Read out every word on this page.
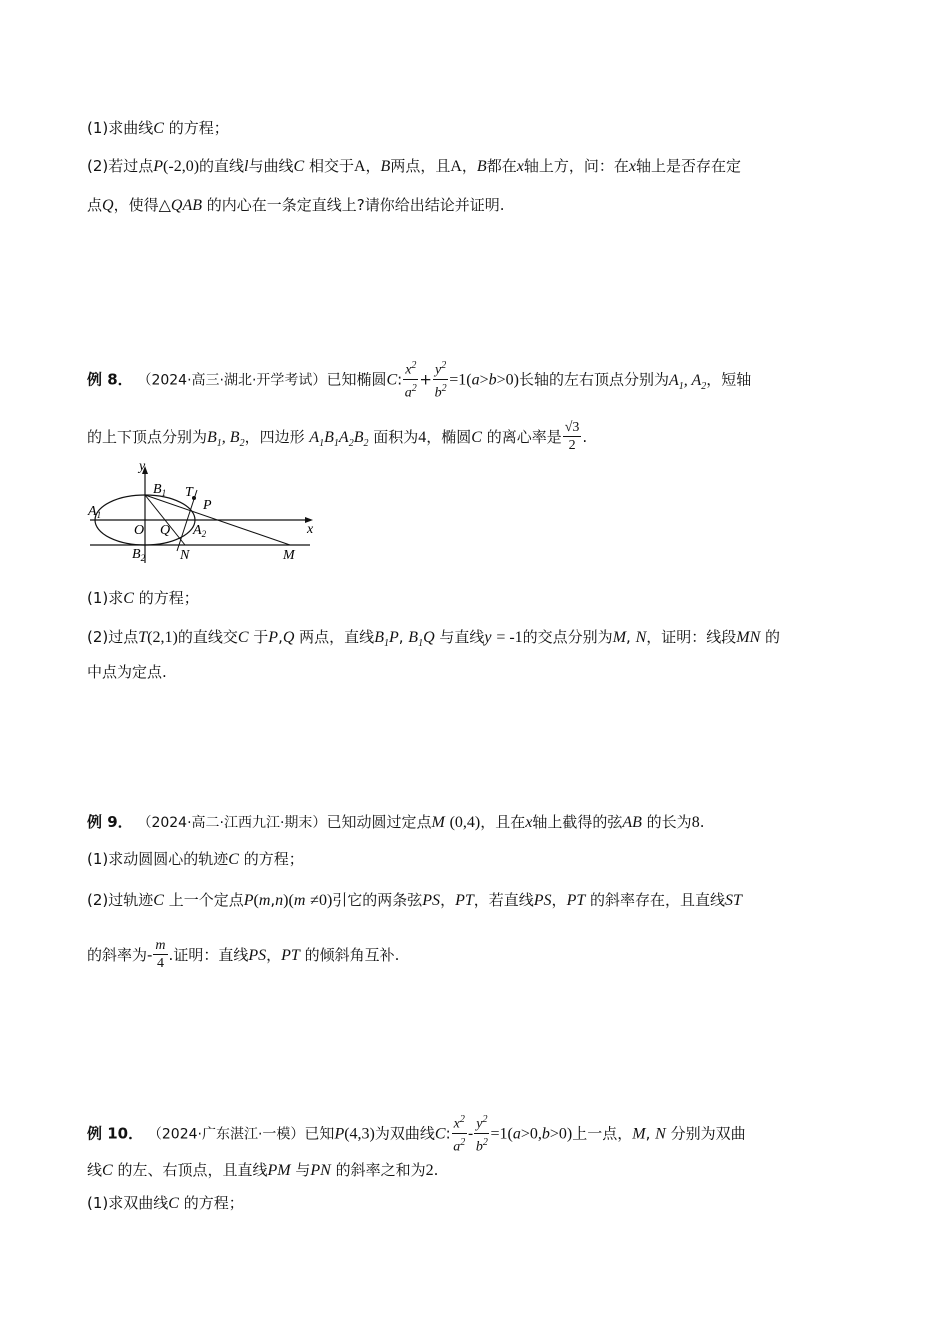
(1)求曲线C 的方程；
(2)若过点P(-2,0)的直线l与曲线C 相交于A，B两点，且A，B都在x轴上方，问：在x轴上是否存在定
点Q，使得△QAB 的内心在一条定直线上?请你给出结论并证明.
例 8． （2024·高三·湖北·开学考试）已知椭圆C: $\frac{x^2}{a^2} + \frac{y^2}{b^2} =1(a>b>0)$长轴的左右顶点分别为$A_1$, $A_2$，短轴
的上下顶点分别为$B_1$, $B_2$，四边形 $A_1B_1A_2B_2$ 面积为4，椭圆C 的离心率是 $\frac{√3}{2}$ .
y
x
O
$A_1$
$A_2$
$B_1$
$B_2$
T
P
Q
N	M
(1)求C 的方程；
(2)过点T(2,1)的直线交C 于P,Q 两点，直线$B_1P$, $B_1Q$ 与直线y = -1的交点分别为M, N，证明：线段MN 的
中点为定点.
例 9． （2024·高二·江西九江·期末）已知动圆过定点M (0,4)，且在x轴上截得的弦AB 的长为8.
(1)求动圆圆心的轨迹C 的方程；
(2)过轨迹C 上一个定点P(m,n)(m ≠0)引它的两条弦PS，PT，若直线PS，PT 的斜率存在，且直线ST
的斜率为- $\frac{m}{4}$ .证明：直线PS，PT 的倾斜角互补.
例 10． （2024·广东湛江·一模）已知P(4,3)为双曲线C: $\frac{x^2}{a^2} - \frac{y^2}{b^2} =1(a>0,b>0)$上一点，M, N 分别为双曲
线C 的左、右顶点，且直线PM 与PN 的斜率之和为2.
(1)求双曲线C 的方程；
